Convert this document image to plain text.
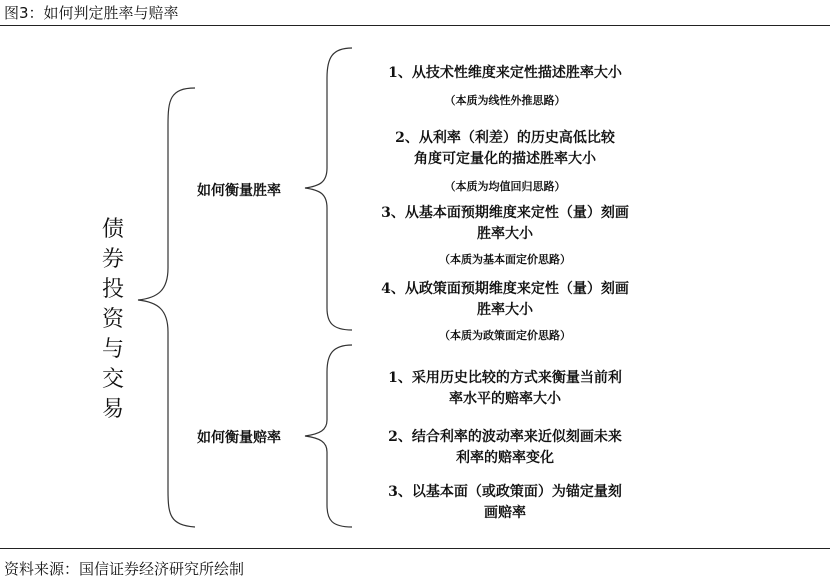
图3：如何判定胜率与赔率
债
券
投
资
与
交
易
如何衡量胜率
如何衡量赔率
1、从技术性维度来定性描述胜率大小
（本质为线性外推思路）
2、从利率（利差）的历史高低比较
角度可定量化的描述胜率大小
（本质为均值回归思路）
3、从基本面预期维度来定性（量）刻画
胜率大小
（本质为基本面定价思路）
4、从政策面预期维度来定性（量）刻画
胜率大小
（本质为政策面定价思路）
1、采用历史比较的方式来衡量当前利
率水平的赔率大小
2、结合利率的波动率来近似刻画未来
利率的赔率变化
3、以基本面（或政策面）为锚定量刻
画赔率
资料来源：国信证券经济研究所绘制
